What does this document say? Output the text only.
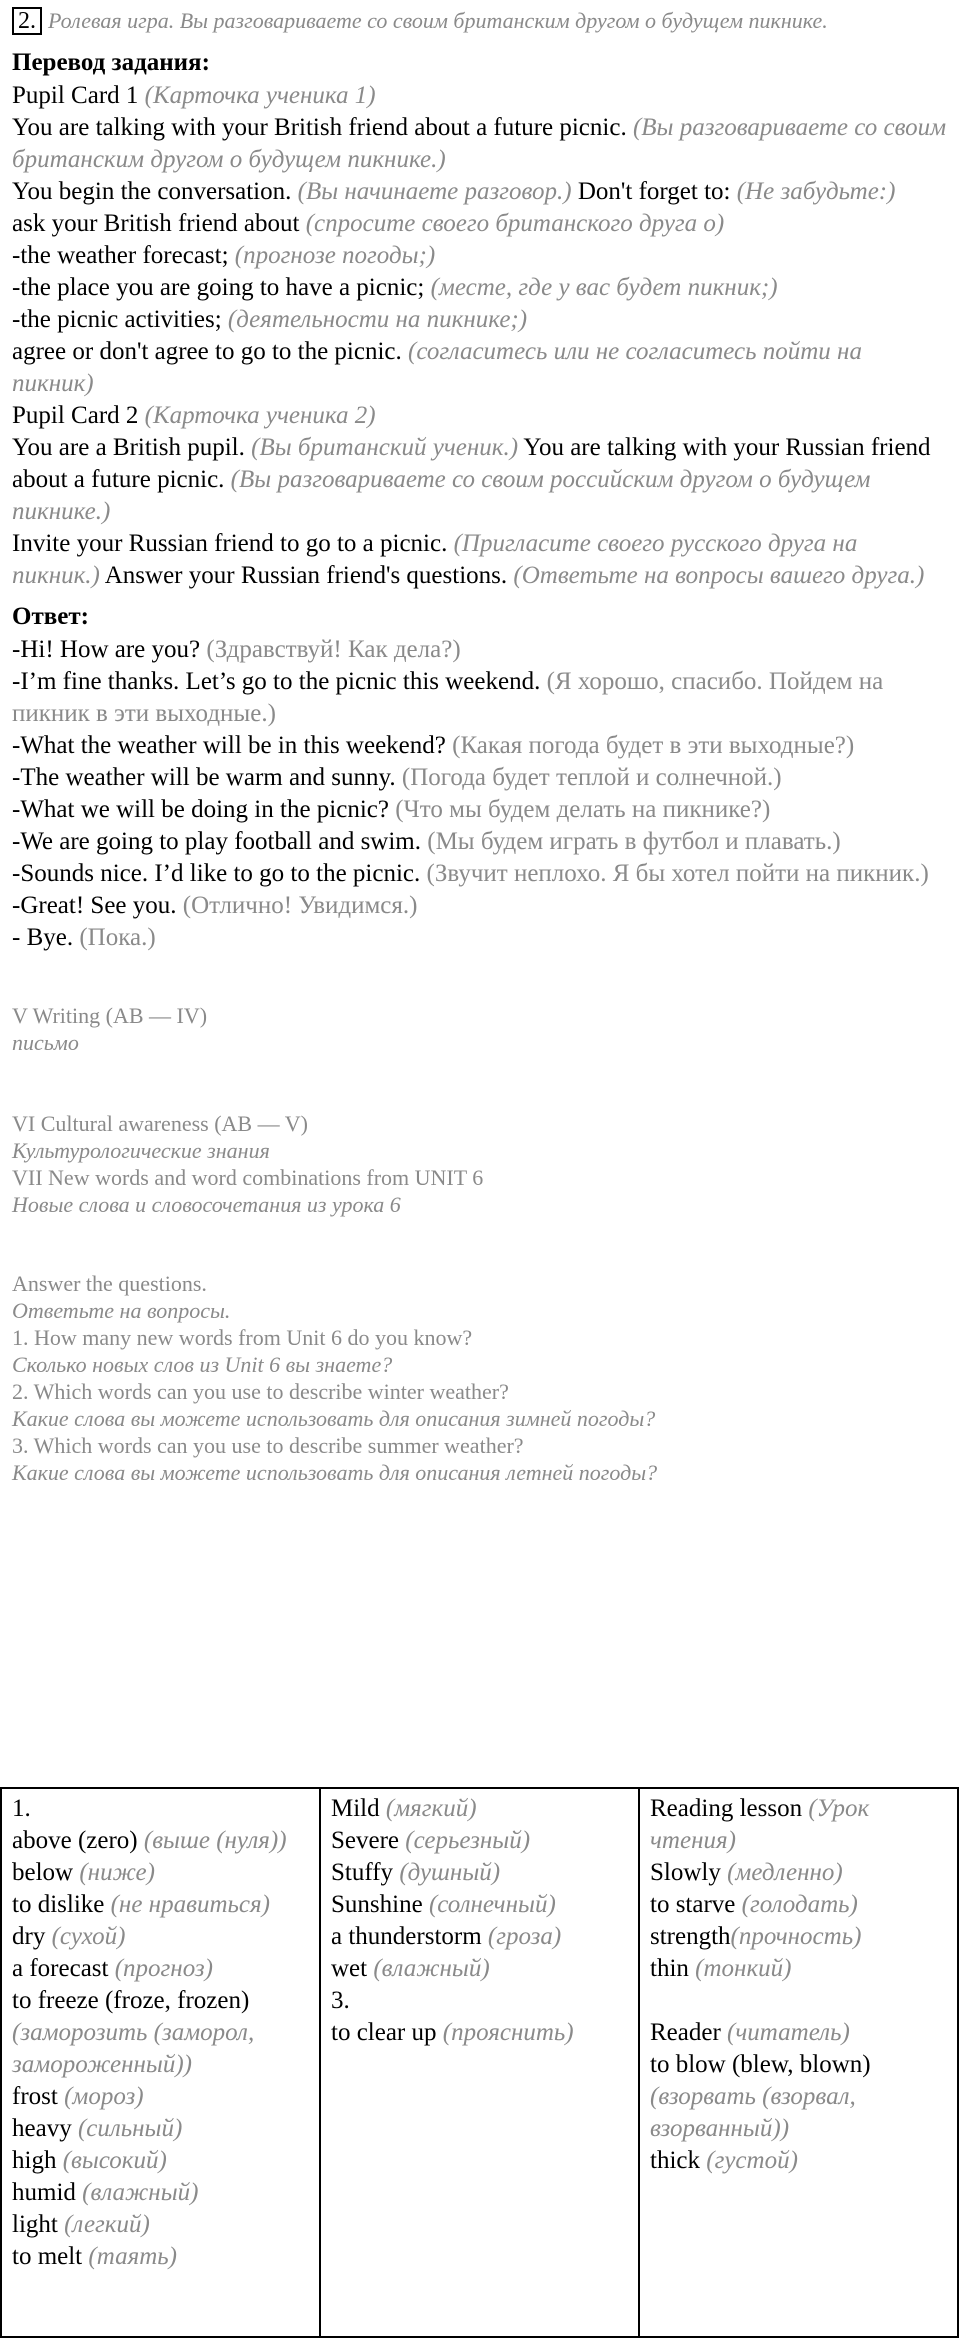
2. Ролевая игра. Вы разговариваете со своим британским другом о будущем пикнике.
Перевод задания:
Pupil Card 1 (Карточка ученика 1)
You are talking with your British friend about a future picnic. (Вы разговариваете со своим британским другом о будущем пикнике.)
You begin the conversation. (Вы начинаете разговор.) Don't forget to: (Не забудьте:)
ask your British friend about (спросите своего британского друга о)
-the weather forecast; (прогнозе погоды;)
-the place you are going to have a picnic; (месте, где у вас будет пикник;)
-the picnic activities; (деятельности на пикнике;)
agree or don't agree to go to the picnic. (согласитесь или не согласитесь пойти на пикник)
Pupil Card 2 (Карточка ученика 2)
You are a British pupil. (Вы британский ученик.) You are talking with your Russian friend about a future picnic. (Вы разговариваете со своим российским другом о будущем пикнике.)
Invite your Russian friend to go to a picnic. (Пригласите своего русского друга на пикник.) Answer your Russian friend's questions. (Ответьте на вопросы вашего друга.)
Ответ:
-Hi! How are you? (Здравствуй! Как дела?)
-I’m fine thanks. Let’s go to the picnic this weekend. (Я хорошо, спасибо. Пойдем на пикник в эти выходные.)
-What the weather will be in this weekend? (Какая погода будет в эти выходные?)
-The weather will be warm and sunny. (Погода будет теплой и солнечной.)
-What we will be doing in the picnic? (Что мы будем делать на пикнике?)
-We are going to play football and swim. (Мы будем играть в футбол и плавать.)
-Sounds nice. I’d like to go to the picnic. (Звучит неплохо. Я бы хотел пойти на пикник.)
-Great! See you. (Отлично! Увидимся.)
- Bye. (Пока.)
V Writing (AB — IV)
письмо
VI Cultural awareness (AB — V)
Культурологические знания
VII New words and word combinations from UNIT 6
Новые слова и словосочетания из урока 6
Answer the questions.
Ответьте на вопросы.
1. How many new words from Unit 6 do you know?
Сколько новых слов из Unit 6 вы знаете?
2. Which words can you use to describe winter weather?
Какие слова вы можете использовать для описания зимней погоды?
3. Which words can you use to describe summer weather?
Какие слова вы можете использовать для описания летней погоды?
1.
above (zero) (выше (нуля))
below (ниже)
to dislike (не нравиться)
dry (сухой)
a forecast (прогноз)
to freeze (froze, frozen) (заморозить (заморол, замороженный))
frost (мороз)
heavy (сильный)
high (высокий)
humid (влажный)
light (легкий)
to melt (таять)

Mild (мягкий)
Severe (серьезный)
Stuffy (душный)
Sunshine (солнечный)
a thunderstorm (гроза)
wet (влажный)
3.
to clear up (прояснить)

Reading lesson (Урок чтения)
Slowly (медленно)
to starve (голодать)
strength(прочность)
thin (тонкий)

Reader (читатель)
to blow (blew, blown) (взорвать (взорвал, взорванный))
thick (густой)
